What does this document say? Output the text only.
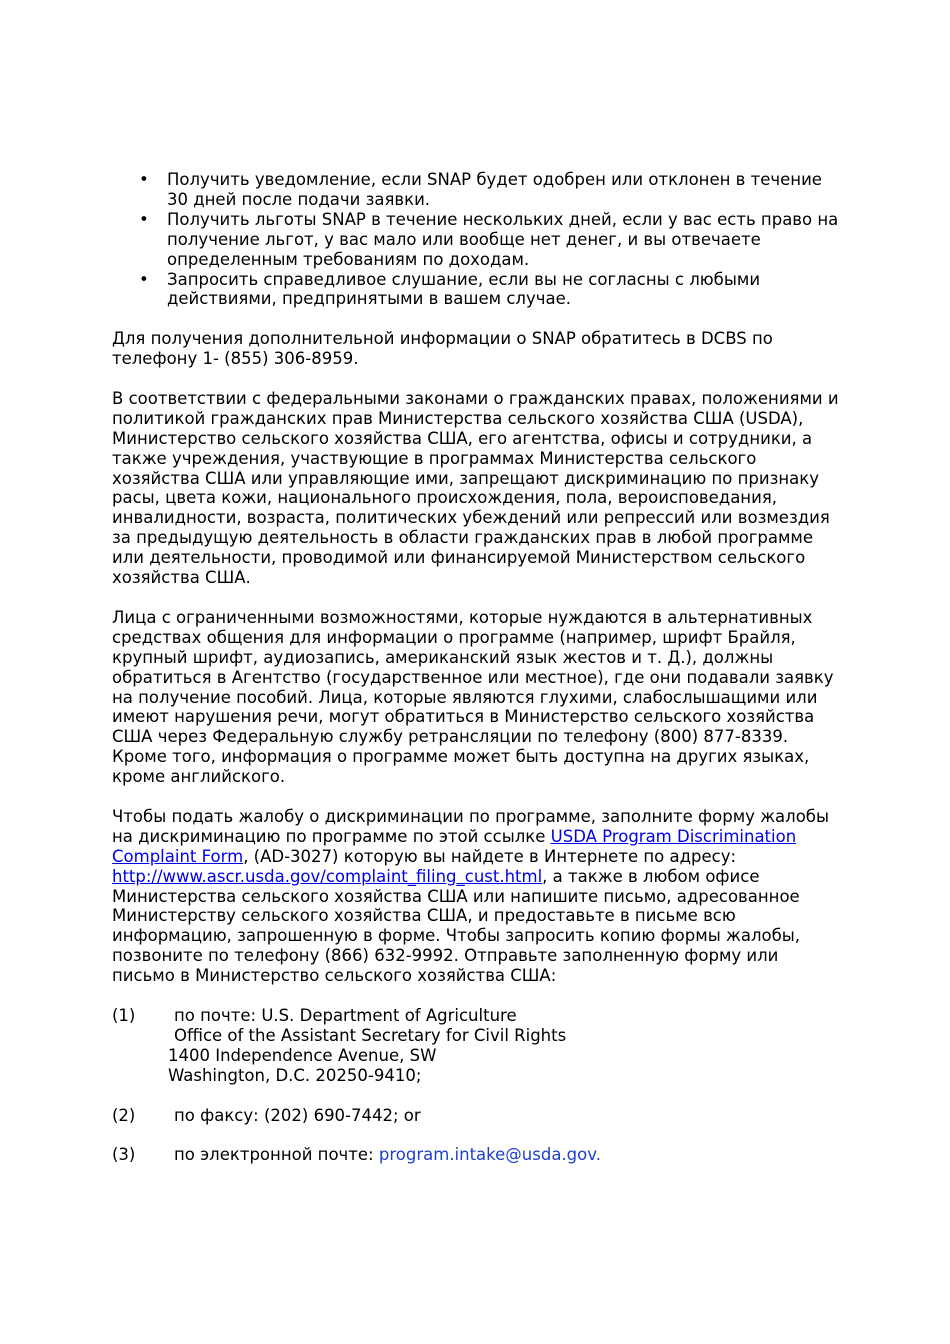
• Получить уведомление, если SNAP будет одобрен или отклонен в течение 30 дней после подачи заявки.
• Получить льготы SNAP в течение нескольких дней, если у вас есть право на получение льгот, у вас мало или вообще нет денег, и вы отвечаете определенным требованиям по доходам.
• Запросить справедливое слушание, если вы не согласны с любыми действиями, предпринятыми в вашем случае.

Для получения дополнительной информации о SNAP обратитесь в DCBS по телефону 1- (855) 306-8959.

В соответствии с федеральными законами о гражданских правах, положениями и политикой гражданских прав Министерства сельского хозяйства США (USDA), Министерство сельского хозяйства США, его агентства, офисы и сотрудники, а также учреждения, участвующие в программах Министерства сельского хозяйства США или управляющие ими, запрещают дискриминацию по признаку расы, цвета кожи, национального происхождения, пола, вероисповедания, инвалидности, возраста, политических убеждений или репрессий или возмездия за предыдущую деятельность в области гражданских прав в любой программе или деятельности, проводимой или финансируемой Министерством сельского хозяйства США.

Лица с ограниченными возможностями, которые нуждаются в альтернативных средствах общения для информации о программе (например, шрифт Брайля, крупный шрифт, аудиозапись, американский язык жестов и т. Д.), должны обратиться в Агентство (государственное или местное), где они подавали заявку на получение пособий. Лица, которые являются глухими, слабослышащими или имеют нарушения речи, могут обратиться в Министерство сельского хозяйства США через Федеральную службу ретрансляции по телефону (800) 877-8339. Кроме того, информация о программе может быть доступна на других языках, кроме английского.

Чтобы подать жалобу о дискриминации по программе, заполните форму жалобы на дискриминацию по программе по этой ссылке USDA Program Discrimination Complaint Form, (AD-3027) которую вы найдете в Интернете по адресу: http://www.ascr.usda.gov/complaint_filing_cust.html, а также в любом офисе Министерства сельского хозяйства США или напишите письмо, адресованное Министерству сельского хозяйства США, и предоставьте в письме всю информацию, запрошенную в форме. Чтобы запросить копию формы жалобы, позвоните по телефону (866) 632-9992. Отправьте заполненную форму или письмо в Министерство сельского хозяйства США:

(1) по почте: U.S. Department of Agriculture
Office of the Assistant Secretary for Civil Rights
1400 Independence Avenue, SW
Washington, D.C. 20250-9410;
(2) по факсу: (202) 690-7442; or
(3) по электронной почте: program.intake@usda.gov.
